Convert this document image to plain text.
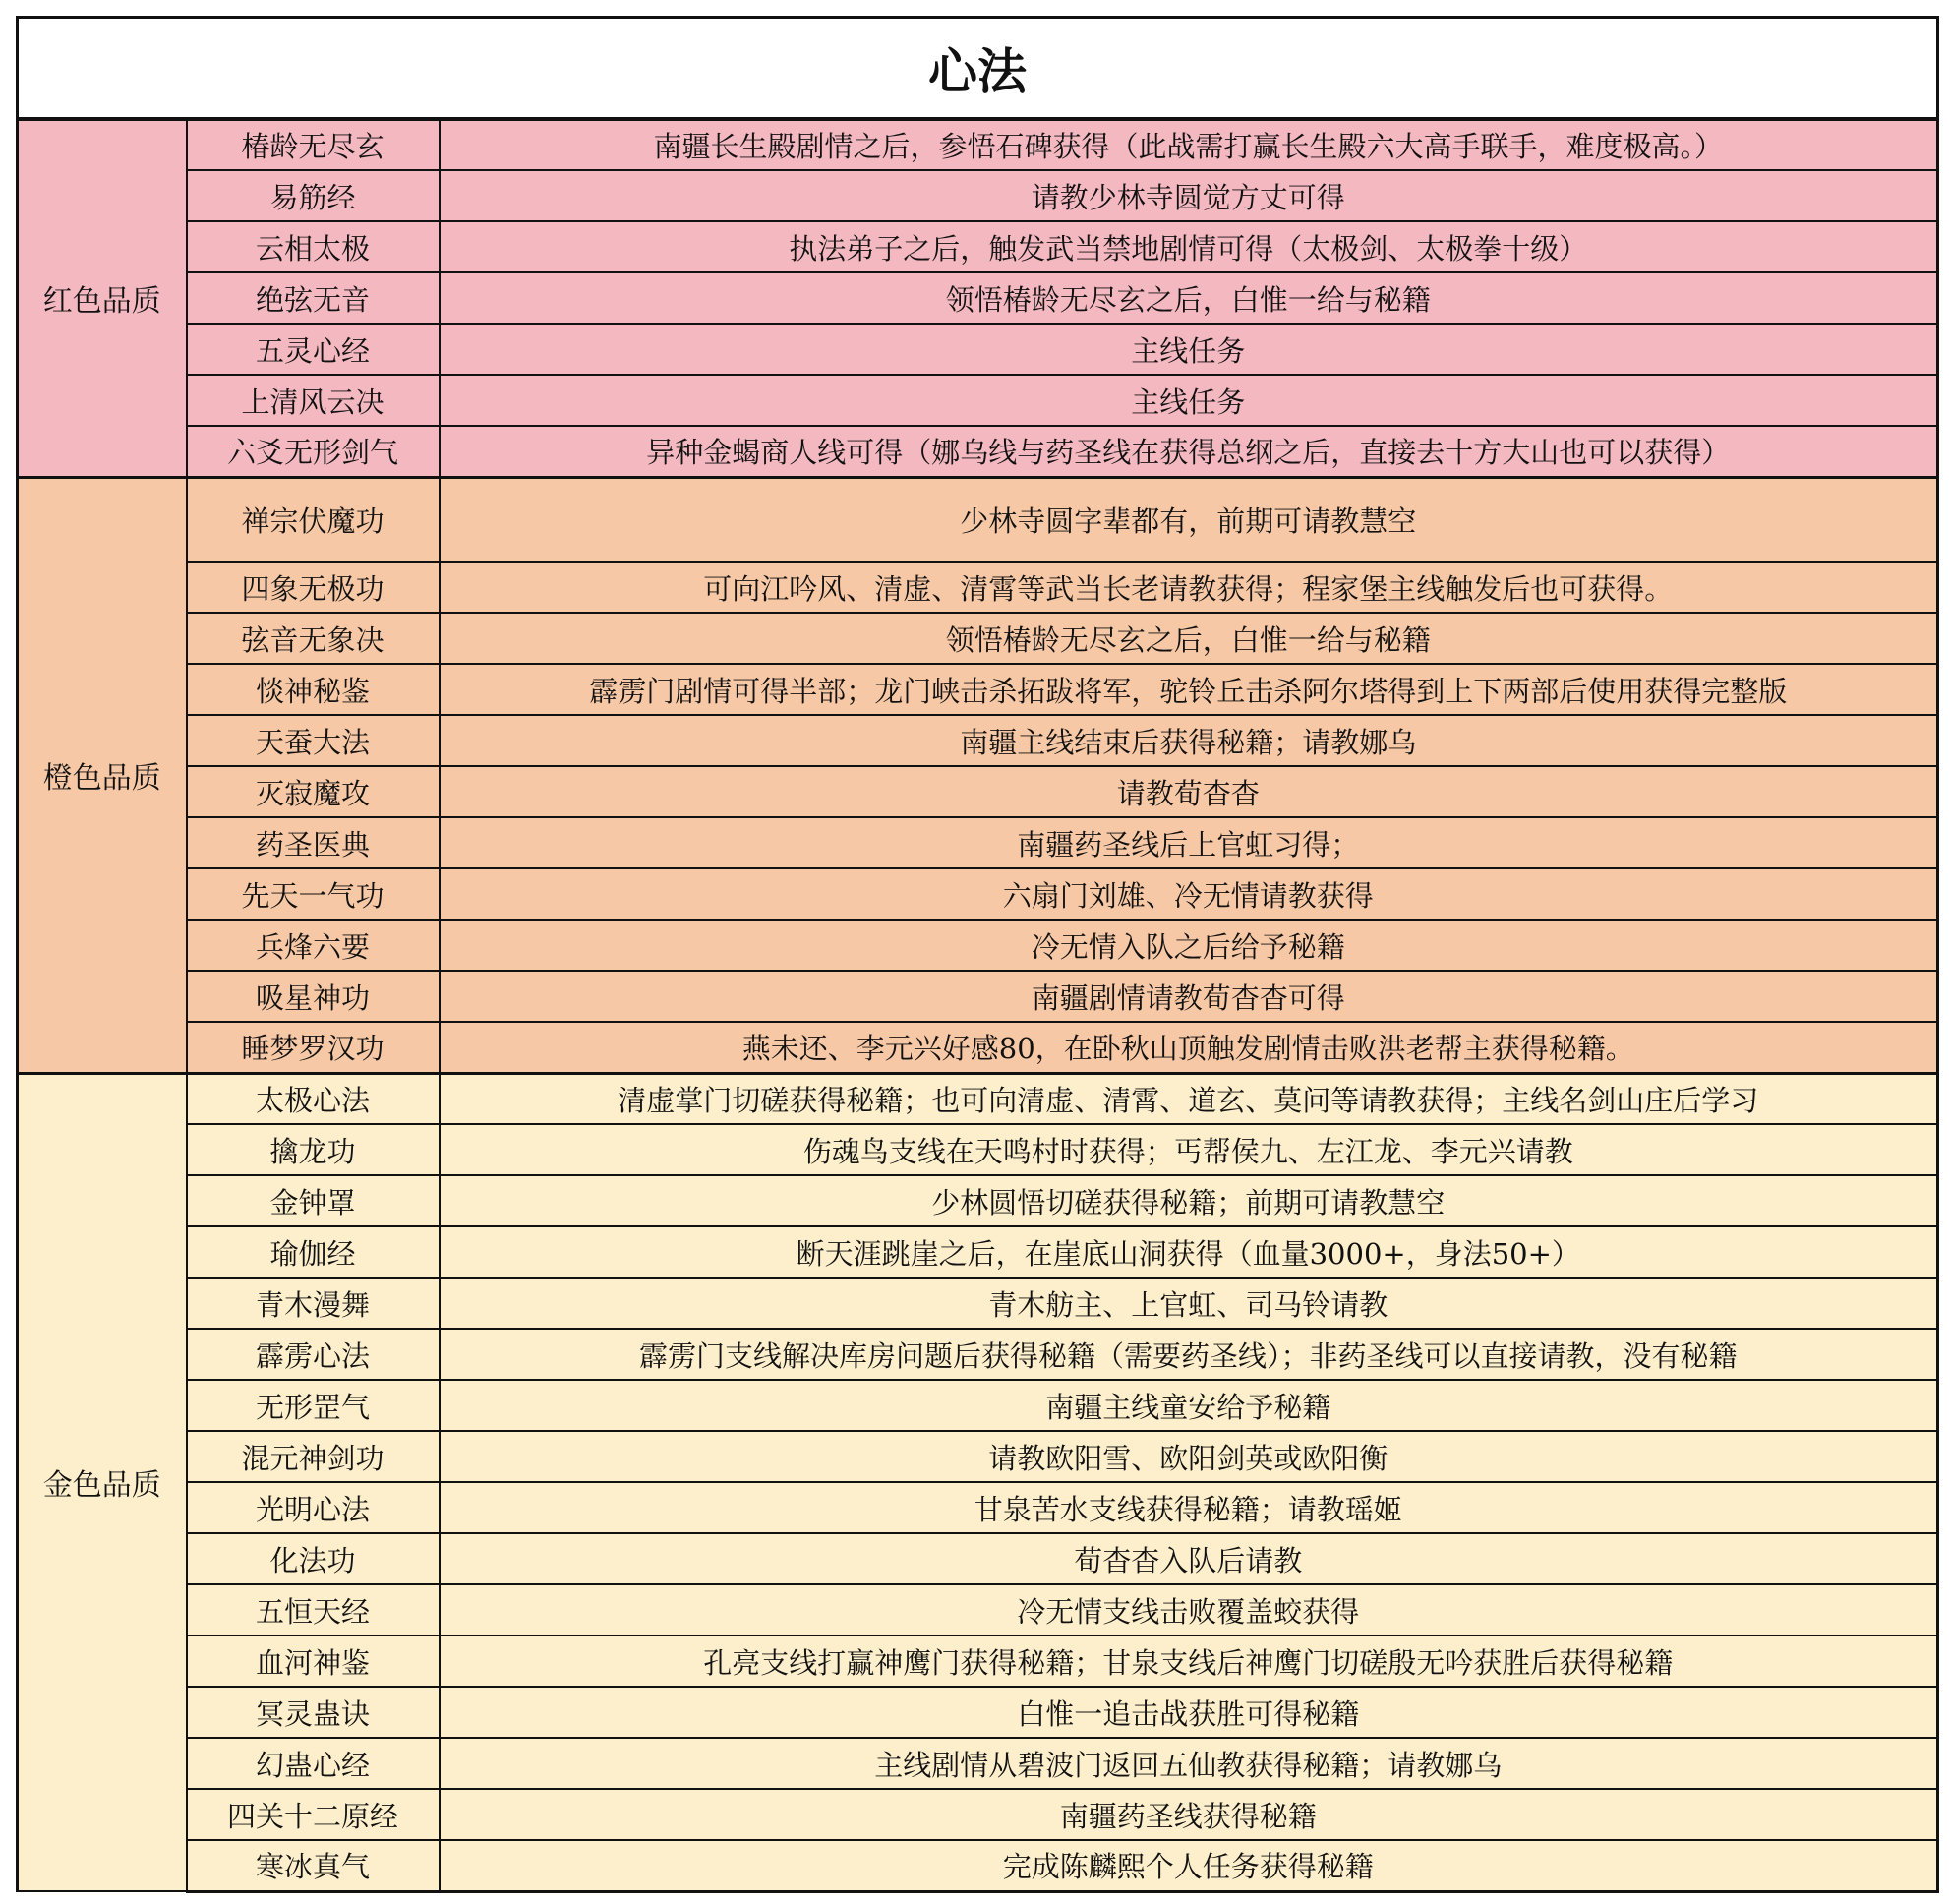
心法		
红色品质	椿龄无尽玄	南疆长生殿剧情之后，参悟石碑获得（此战需打赢长生殿六大高手联手，难度极高。）
	易筋经	请教少林寺圆觉方丈可得
	云相太极	执法弟子之后，触发武当禁地剧情可得（太极剑、太极拳十级）
	绝弦无音	领悟椿龄无尽玄之后，白惟一给与秘籍
	五灵心经	主线任务
	上清风云决	主线任务
	六爻无形剑气	异种金蝎商人线可得（娜乌线与药圣线在获得总纲之后，直接去十方大山也可以获得）
橙色品质	禅宗伏魔功	少林寺圆字辈都有，前期可请教慧空
	四象无极功	可向江吟风、清虚、清霄等武当长老请教获得；程家堡主线触发后也可获得。
	弦音无象决	领悟椿龄无尽玄之后，白惟一给与秘籍
	惔神秘鉴	霹雳门剧情可得半部；龙门峡击杀拓跋将军，驼铃丘击杀阿尔塔得到上下两部后使用获得完整版
	天蚕大法	南疆主线结束后获得秘籍；请教娜乌
	灭寂魔攻	请教荀杳杳
	药圣医典	南疆药圣线后上官虹习得；
	先天一气功	六扇门刘雄、冷无情请教获得
	兵烽六要	冷无情入队之后给予秘籍
	吸星神功	南疆剧情请教荀杳杳可得
	睡梦罗汉功	燕未还、李元兴好感80，在卧秋山顶触发剧情击败洪老帮主获得秘籍。
金色品质	太极心法	清虚掌门切磋获得秘籍；也可向清虚、清霄、道玄、莫问等请教获得；主线名剑山庄后学习
	擒龙功	伤魂鸟支线在天鸣村时获得；丐帮侯九、左江龙、李元兴请教
	金钟罩	少林圆悟切磋获得秘籍；前期可请教慧空
	瑜伽经	断天涯跳崖之后，在崖底山洞获得（血量3000+，身法50+）
	青木漫舞	青木舫主、上官虹、司马铃请教
	霹雳心法	霹雳门支线解决库房问题后获得秘籍（需要药圣线）；非药圣线可以直接请教，没有秘籍
	无形罡气	南疆主线童安给予秘籍
	混元神剑功	请教欧阳雪、欧阳剑英或欧阳衡
	光明心法	甘泉苦水支线获得秘籍；请教瑶姬
	化法功	荀杳杳入队后请教
	五恒天经	冷无情支线击败覆盖蛟获得
	血河神鉴	孔亮支线打赢神鹰门获得秘籍；甘泉支线后神鹰门切磋殷无吟获胜后获得秘籍
	冥灵蛊诀	白惟一追击战获胜可得秘籍
	幻蛊心经	主线剧情从碧波门返回五仙教获得秘籍；请教娜乌
	四关十二原经	南疆药圣线获得秘籍
	寒冰真气	完成陈麟熙个人任务获得秘籍
